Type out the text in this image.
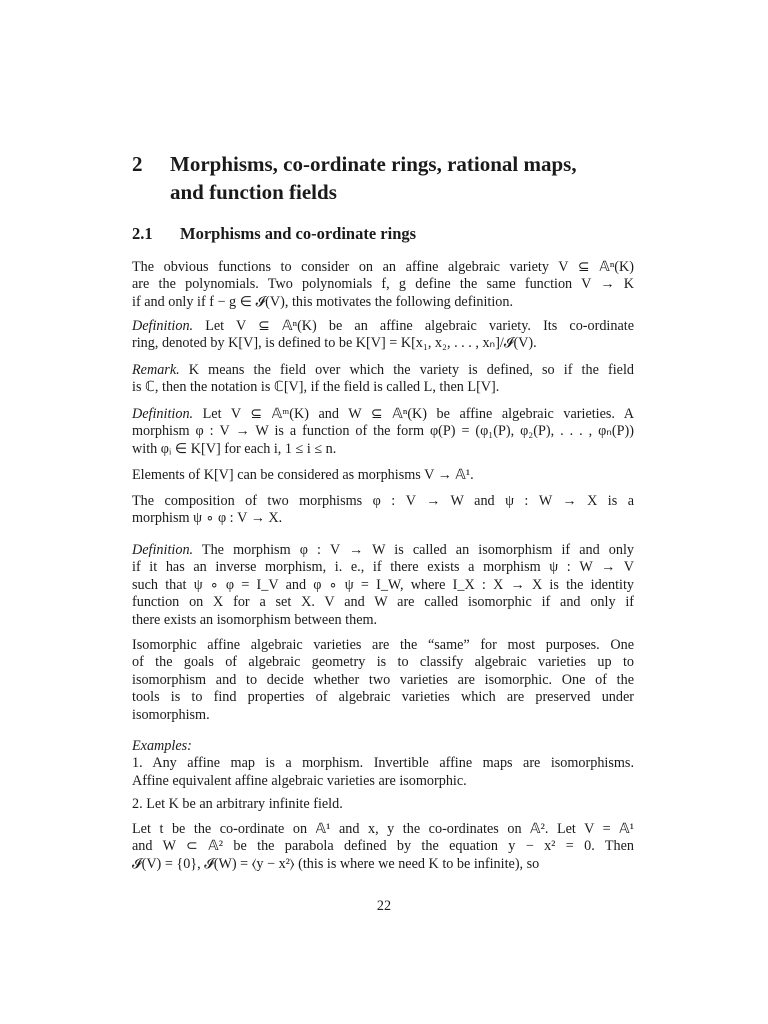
2 Morphisms, co-ordinate rings, rational maps,
and function fields
2.1 Morphisms and co-ordinate rings
The obvious functions to consider on an affine algebraic variety V ⊆ 𝔸ⁿ(K)
are the polynomials. Two polynomials f, g define the same function V → K
if and only if f − g ∈ 𝓘(V), this motivates the following definition.
Definition. Let V ⊆ 𝔸ⁿ(K) be an affine algebraic variety. Its co-ordinate
ring, denoted by K[V], is defined to be K[V] = K[x₁, x₂, . . . , xₙ]/𝓘(V).
Remark. K means the field over which the variety is defined, so if the field
is ℂ, then the notation is ℂ[V], if the field is called L, then L[V].
Definition. Let V ⊆ 𝔸ᵐ(K) and W ⊆ 𝔸ⁿ(K) be affine algebraic varieties. A
morphism φ : V → W is a function of the form φ(P) = (φ₁(P), φ₂(P), . . . , φₙ(P))
with φᵢ ∈ K[V] for each i, 1 ≤ i ≤ n.
Elements of K[V] can be considered as morphisms V → 𝔸¹.
The composition of two morphisms φ : V → W and ψ : W → X is a
morphism ψ ∘ φ : V → X.
Definition. The morphism φ : V → W is called an isomorphism if and only
if it has an inverse morphism, i. e., if there exists a morphism ψ : W → V
such that ψ ∘ φ = I_V and φ ∘ ψ = I_W, where I_X : X → X is the identity
function on X for a set X. V and W are called isomorphic if and only if
there exists an isomorphism between them.
Isomorphic affine algebraic varieties are the “same” for most purposes. One
of the goals of algebraic geometry is to classify algebraic varieties up to
isomorphism and to decide whether two varieties are isomorphic. One of the
tools is to find properties of algebraic varieties which are preserved under
isomorphism.
Examples:
1. Any affine map is a morphism. Invertible affine maps are isomorphisms.
Affine equivalent affine algebraic varieties are isomorphic.
2. Let K be an arbitrary infinite field.
Let t be the co-ordinate on 𝔸¹ and x, y the co-ordinates on 𝔸². Let V = 𝔸¹
and W ⊂ 𝔸² be the parabola defined by the equation y − x² = 0. Then
𝓘(V) = {0}, 𝓘(W) = ⟨y − x²⟩ (this is where we need K to be infinite), so
22
